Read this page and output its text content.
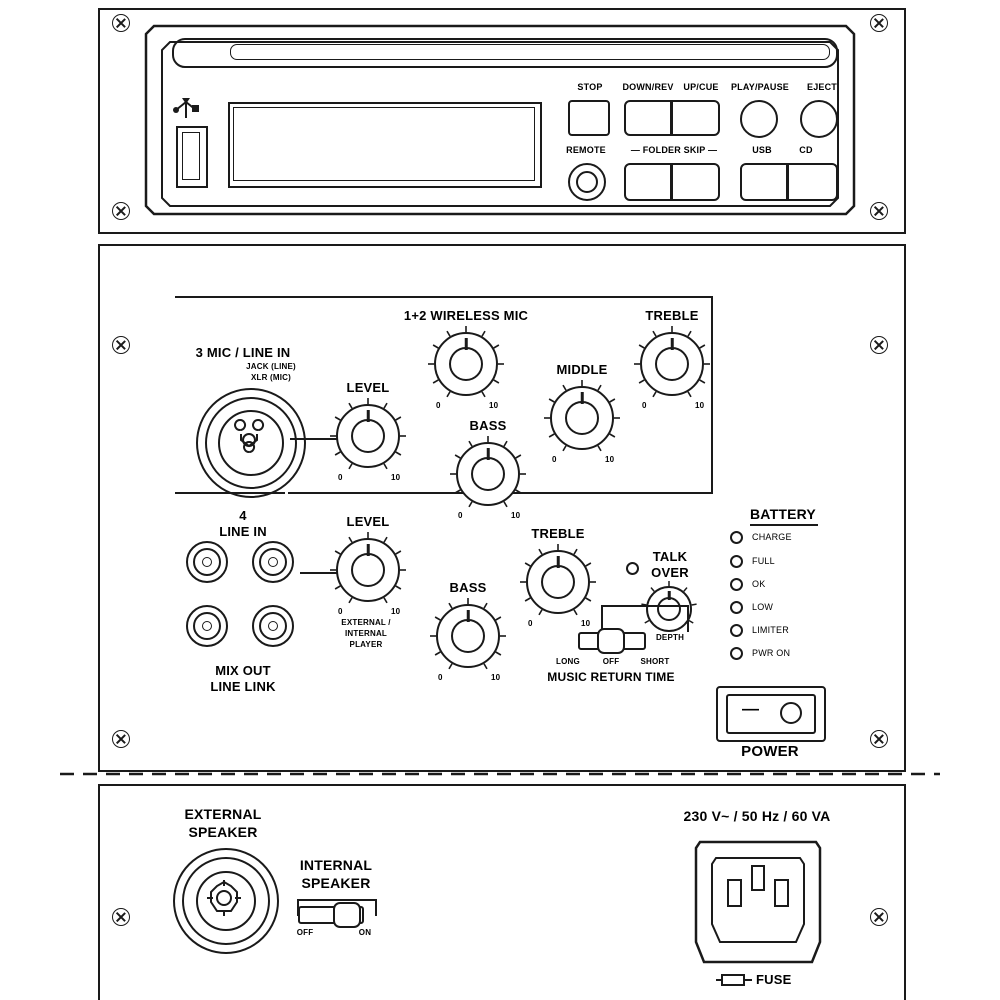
STOP DOWN/REV UP/CUE PLAY/PAUSE EJECT
REMOTE	— FOLDER SKIP —	USB	CD
1+2 WIRELESS MIC
0	10
TREBLE
0	10
MIDDLE
0	10
BASS
0	10
3 MIC / LINE IN
JACK (LINE)
XLR (MIC)
LEVEL
0	10
4
LINE IN
MIX OUT
LINE LINK
LEVEL
0	10
EXTERNAL /
INTERNAL
PLAYER
BASS
0	10
TREBLE
0	10
TALK
OVER
DEPTH
LONG	OFF	SHORT
MUSIC RETURN TIME
BATTERY
CHARGE
FULL
OK
LOW
LIMITER
PWR ON
—
POWER
EXTERNAL
SPEAKER
INTERNAL
SPEAKER
OFF	ON
230 V~ / 50 Hz / 60 VA
FUSE
